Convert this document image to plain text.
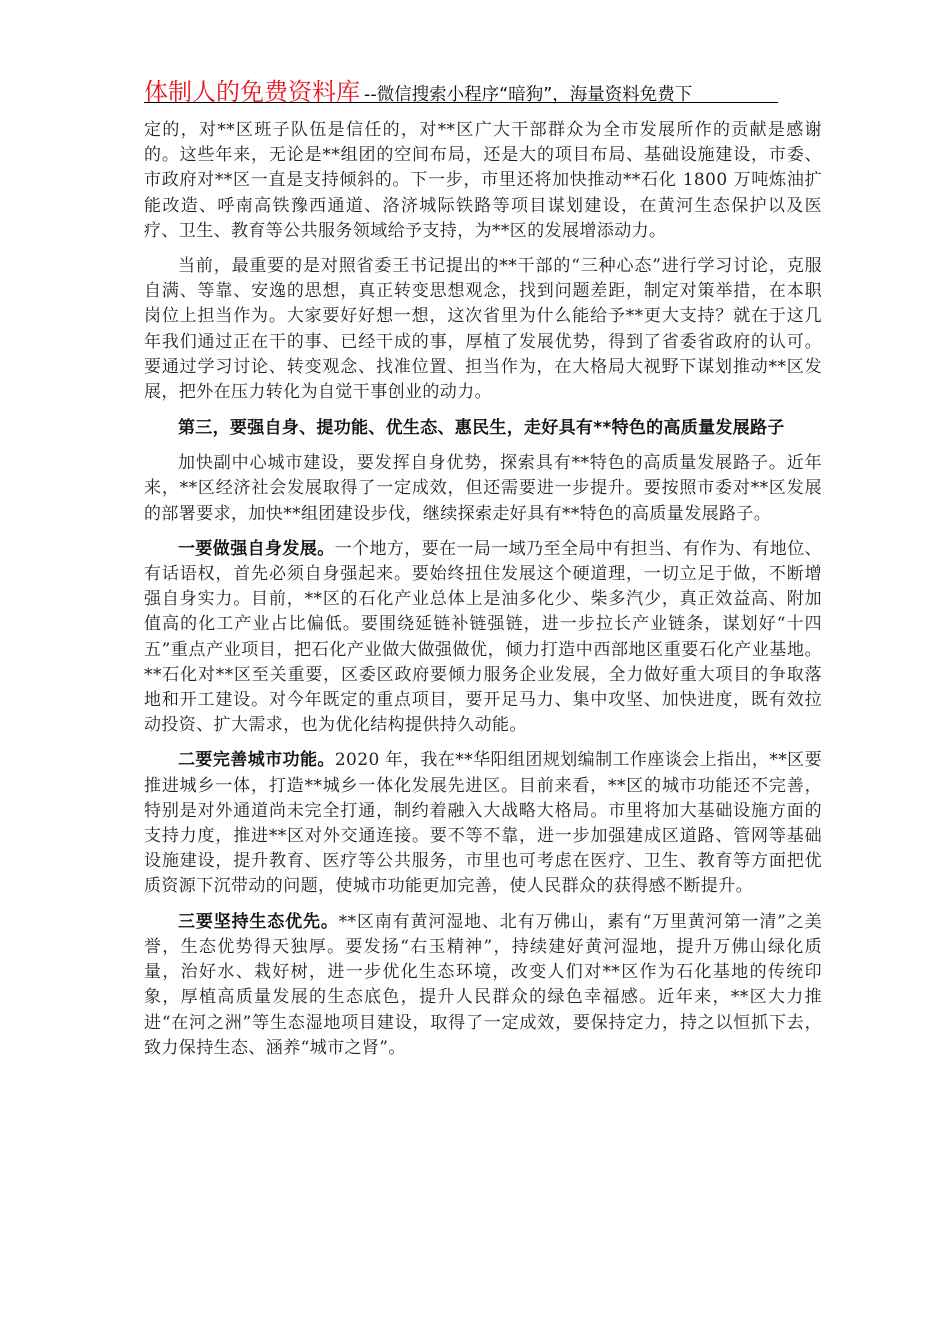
体制人的免费资料库 --微信搜索小程序“暗狗”，海量资料免费下

定的，对**区班子队伍是信任的，对**区广大干部群众为全市发展所作的贡献是感谢的。这些年来，无论是**组团的空间布局，还是大的项目布局、基础设施建设，市委、市政府对**区一直是支持倾斜的。下一步，市里还将加快推动**石化 1800 万吨炼油扩能改造、呼南高铁豫西通道、洛济城际铁路等项目谋划建设，在黄河生态保护以及医疗、卫生、教育等公共服务领域给予支持，为**区的发展增添动力。

当前，最重要的是对照省委王书记提出的**干部的“三种心态”进行学习讨论，克服自满、等靠、安逸的思想，真正转变思想观念，找到问题差距，制定对策举措，在本职岗位上担当作为。大家要好好想一想，这次省里为什么能给予**更大支持？就在于这几年我们通过正在干的事、已经干成的事，厚植了发展优势，得到了省委省政府的认可。要通过学习讨论、转变观念、找准位置、担当作为，在大格局大视野下谋划推动**区发展，把外在压力转化为自觉干事创业的动力。

第三，要强自身、提功能、优生态、惠民生，走好具有**特色的高质量发展路子

加快副中心城市建设，要发挥自身优势，探索具有**特色的高质量发展路子。近年来，**区经济社会发展取得了一定成效，但还需要进一步提升。要按照市委对**区发展的部署要求，加快**组团建设步伐，继续探索走好具有**特色的高质量发展路子。

一要做强自身发展。一个地方，要在一局一域乃至全局中有担当、有作为、有地位、有话语权，首先必须自身强起来。要始终扭住发展这个硬道理，一切立足于做，不断增强自身实力。目前，**区的石化产业总体上是油多化少、柴多汽少，真正效益高、附加值高的化工产业占比偏低。要围绕延链补链强链，进一步拉长产业链条，谋划好“十四五”重点产业项目，把石化产业做大做强做优，倾力打造中西部地区重要石化产业基地。**石化对**区至关重要，区委区政府要倾力服务企业发展，全力做好重大项目的争取落地和开工建设。对今年既定的重点项目，要开足马力、集中攻坚、加快进度，既有效拉动投资、扩大需求，也为优化结构提供持久动能。

二要完善城市功能。2020 年，我在**华阳组团规划编制工作座谈会上指出，**区要推进城乡一体，打造**城乡一体化发展先进区。目前来看，**区的城市功能还不完善，特别是对外通道尚未完全打通，制约着融入大战略大格局。市里将加大基础设施方面的支持力度，推进**区对外交通连接。要不等不靠，进一步加强建成区道路、管网等基础设施建设，提升教育、医疗等公共服务，市里也可考虑在医疗、卫生、教育等方面把优质资源下沉带动的问题，使城市功能更加完善，使人民群众的获得感不断提升。

三要坚持生态优先。**区南有黄河湿地、北有万佛山，素有“万里黄河第一清”之美誉，生态优势得天独厚。要发扬“右玉精神”，持续建好黄河湿地，提升万佛山绿化质量，治好水、栽好树，进一步优化生态环境，改变人们对**区作为石化基地的传统印象，厚植高质量发展的生态底色，提升人民群众的绿色幸福感。近年来，**区大力推进“在河之洲”等生态湿地项目建设，取得了一定成效，要保持定力，持之以恒抓下去，致力保持生态、涵养“城市之肾”。
